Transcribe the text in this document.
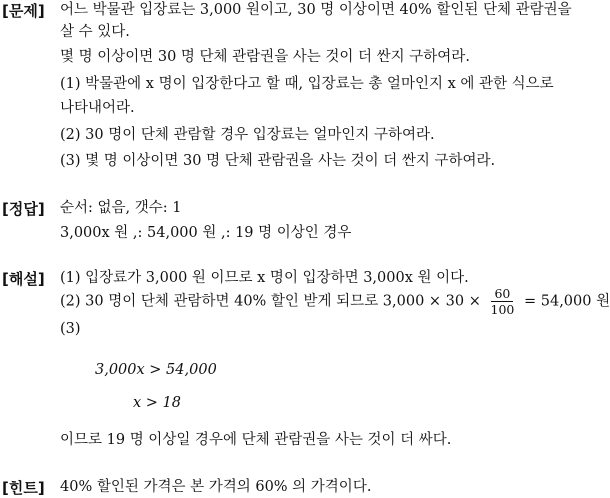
[문제] 어느 박물관 입장료는 3,000 원이고, 30 명 이상이면 40% 할인된 단체 관람권을
살 수 있다.
몇 명 이상이면 30 명 단체 관람권을 사는 것이 더 싼지 구하여라.
(1) 박물관에 x 명이 입장한다고 할 때, 입장료는 총 얼마인지 x 에 관한 식으로
나타내어라.
(2) 30 명이 단체 관람할 경우 입장료는 얼마인지 구하여라.
(3) 몇 명 이상이면 30 명 단체 관람권을 사는 것이 더 싼지 구하여라.
[정답] 순서: 없음, 갯수: 1
3,000x 원 ,: 54,000 원 ,: 19 명 이상인 경우
[해설] (1) 입장료가 3,000 원 이므로 x 명이 입장하면 3,000x 원 이다.
(2) 30 명이 단체 관람하면 40% 할인 받게 되므로 $3,000 \times 30 \times \frac{60}{100} = 54,000$ 원
(3)
3,000x > 54,000
x > 18
이므로 19 명 이상일 경우에 단체 관람권을 사는 것이 더 싸다.
[힌트] 40% 할인된 가격은 본 가격의 60% 의 가격이다.
